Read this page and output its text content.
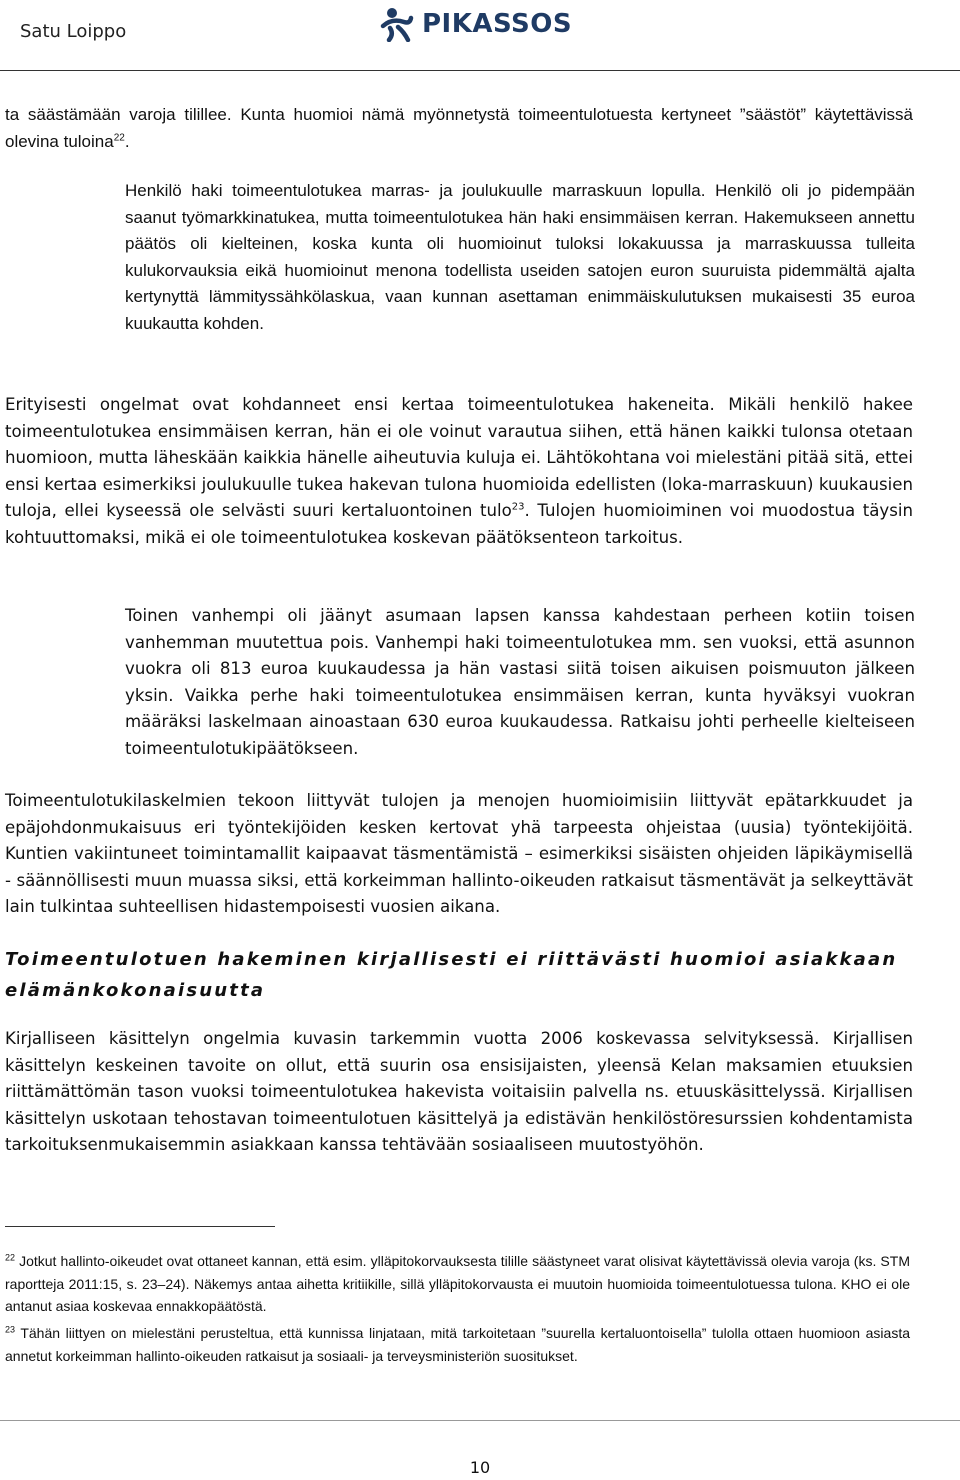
Satu Loippo	PIKASSOS

ta säästämään varoja tilillee. Kunta huomioi nämä myönnetystä toimeentulotuesta kertyneet ”säästöt” käytettävissä olevina tuloina$^{22}$.

Henkilö haki toimeentulotukea marras- ja joulukuulle marraskuun lopulla. Henkilö oli jo pidempään saanut työmarkkinatukea, mutta toimeentulotukea hän haki ensimmäisen kerran. Hakemukseen annettu päätös oli kielteinen, koska kunta oli huomioinut tuloksi lokakuussa ja marraskuussa tulleita kulukorvauksia eikä huomioinut menona todellista useiden satojen euron suuruista pidemmältä ajalta kertynyttä lämmityssähkölaskua, vaan kunnan asettaman enimmäiskulutuksen mukaisesti 35 euroa kuukautta kohden.

Erityisesti ongelmat ovat kohdanneet ensi kertaa toimeentulotukea hakeneita. Mikäli henkilö hakee toimeentulotukea ensimmäisen kerran, hän ei ole voinut varautua siihen, että hänen kaikki tulonsa otetaan huomioon, mutta läheskään kaikkia hänelle aiheutuvia kuluja ei. Lähtökohtana voi mielestäni pitää sitä, ettei ensi kertaa esimerkiksi joulukuulle tukea hakevan tulona huomioida edellisten (loka-marraskuun) kuukausien tuloja, ellei kyseessä ole selvästi suuri kertaluontoinen tulo$^{23}$. Tulojen huomioiminen voi muodostua täysin kohtuuttomaksi, mikä ei ole toimeentulotukea koskevan päätöksenteon tarkoitus.

Toinen vanhempi oli jäänyt asumaan lapsen kanssa kahdestaan perheen kotiin toisen vanhemman muutettua pois. Vanhempi haki toimeentulotukea mm. sen vuoksi, että asunnon vuokra oli 813 euroa kuukaudessa ja hän vastasi siitä toisen aikuisen poismuuton jälkeen yksin. Vaikka perhe haki toimeentulotukea ensimmäisen kerran, kunta hyväksyi vuokran määräksi laskelmaan ainoastaan 630 euroa kuukaudessa. Ratkaisu johti perheelle kielteiseen toimeentulotukipäätökseen.

Toimeentulotukilaskelmien tekoon liittyvät tulojen ja menojen huomioimisiin liittyvät epätarkkuudet ja epäjohdonmukaisuus eri työntekijöiden kesken kertovat yhä tarpeesta ohjeistaa (uusia) työntekijöitä. Kuntien vakiintuneet toimintamallit kaipaavat täsmentämistä – esimerkiksi sisäisten ohjeiden läpikäymisellä - säännöllisesti muun muassa siksi, että korkeimman hallinto-oikeuden ratkaisut täsmentävät ja selkeyttävät lain tulkintaa suhteellisen hidastempoisesti vuosien aikana.

Toimeentulotuen hakeminen kirjallisesti ei riittävästi huomioi asiakkaan elämänkokonaisuutta

Kirjalliseen käsittelyn ongelmia kuvasin tarkemmin vuotta 2006 koskevassa selvityksessä. Kirjallisen käsittelyn keskeinen tavoite on ollut, että suurin osa ensisijaisten, yleensä Kelan maksamien etuuksien riittämättömän tason vuoksi toimeentulotukea hakevista voitaisiin palvella ns. etuuskäsittelyssä. Kirjallisen käsittelyn uskotaan tehostavan toimeentulotuen käsittelyä ja edistävän henkilöstöresurssien kohdentamista tarkoituksenmukaisemmin asiakkaan kanssa tehtävään sosiaaliseen muutostyöhön.

$^{22}$ Jotkut hallinto-oikeudet ovat ottaneet kannan, että esim. ylläpitokorvauksesta tilille säästyneet varat olisivat käytettävissä olevia varoja (ks. STM raportteja 2011:15, s. 23–24). Näkemys antaa aihetta kritiikille, sillä ylläpitokorvausta ei muutoin huomioida toimeentulotuessa tulona. KHO ei ole antanut asiaa koskevaa ennakkopäätöstä.

$^{23}$ Tähän liittyen on mielestäni perusteltua, että kunnissa linjataan, mitä tarkoitetaan ”suurella kertaluontoisella” tulolla ottaen huomioon asiasta annetut korkeimman hallinto-oikeuden ratkaisut ja sosiaali- ja terveysministeriön suositukset.

10
